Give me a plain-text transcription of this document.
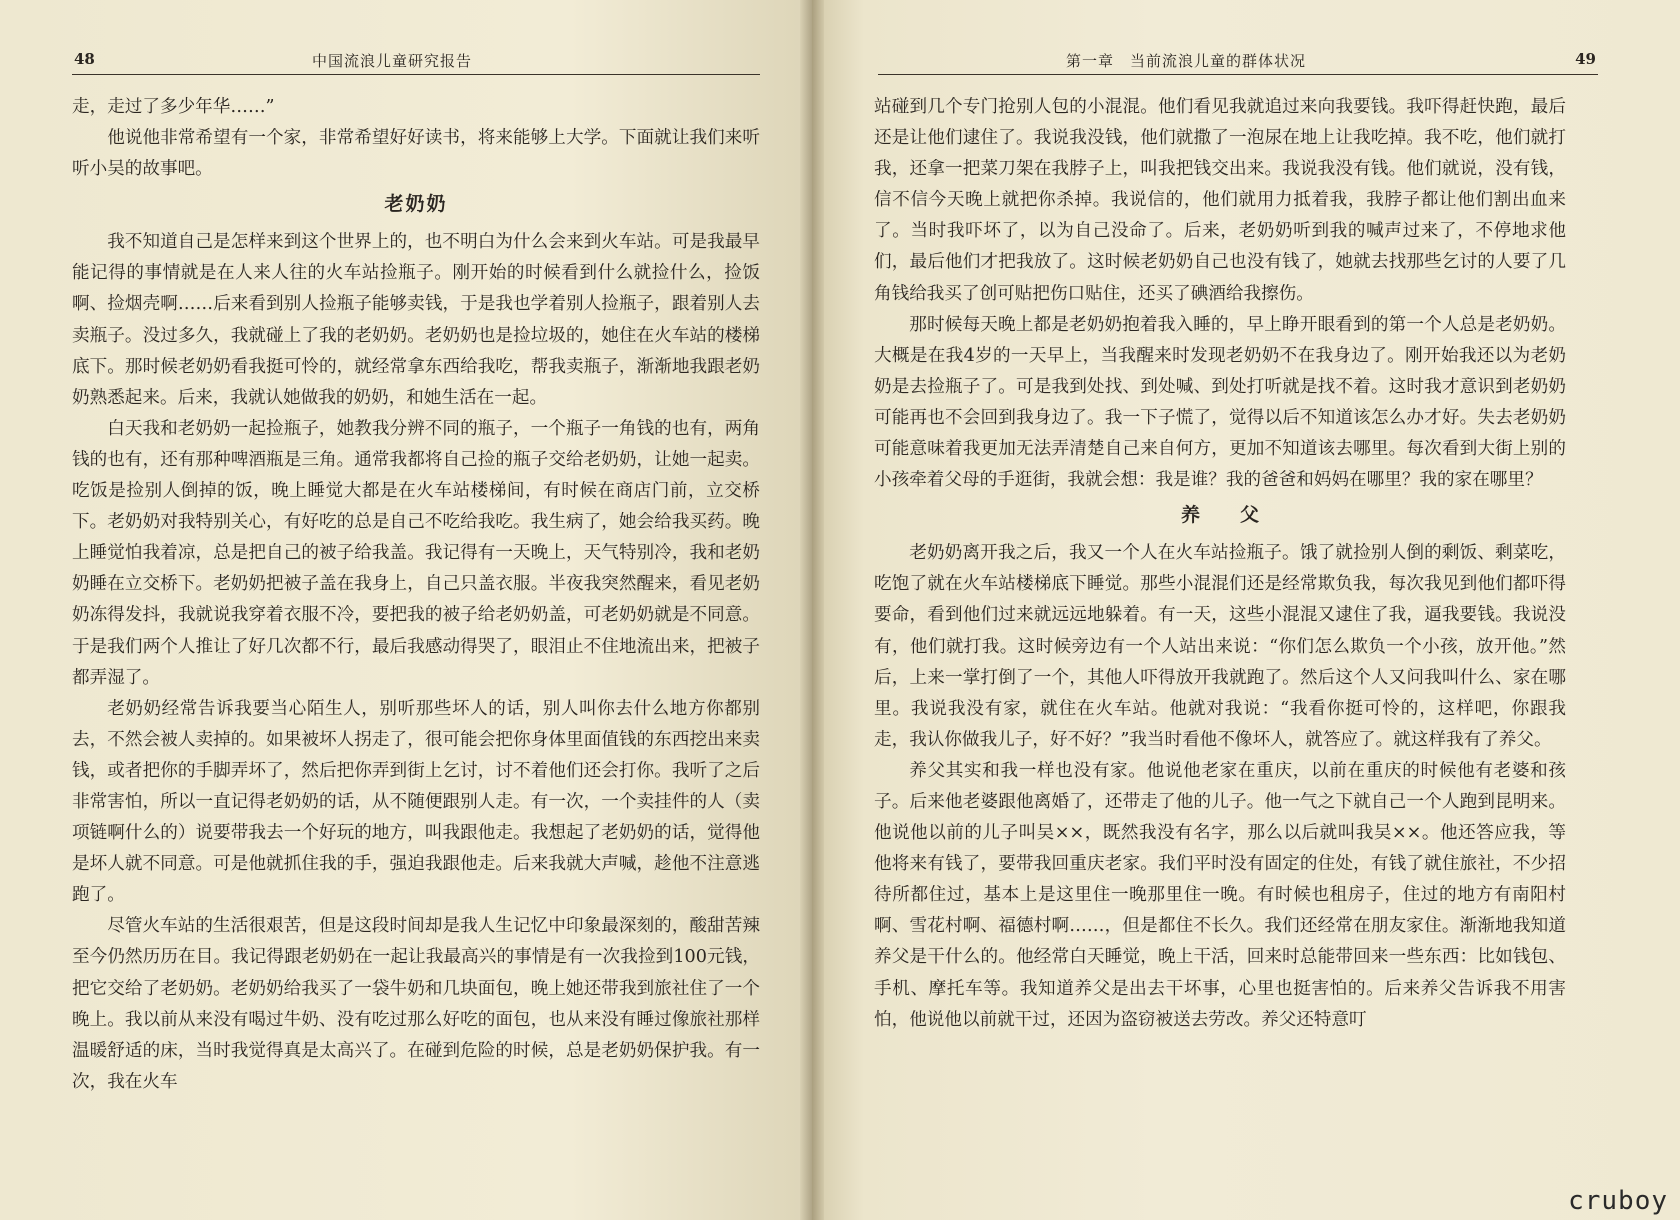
48	中国流浪儿童研究报告

走，走过了多少年华……”

他说他非常希望有一个家，非常希望好好读书，将来能够上大学。下面就让我们来听听小吴的故事吧。

老奶奶

我不知道自己是怎样来到这个世界上的，也不明白为什么会来到火车站。可是我最早能记得的事情就是在人来人往的火车站捡瓶子。刚开始的时候看到什么就捡什么，捡饭啊、捡烟壳啊……后来看到别人捡瓶子能够卖钱，于是我也学着别人捡瓶子，跟着别人去卖瓶子。没过多久，我就碰上了我的老奶奶。老奶奶也是捡垃圾的，她住在火车站的楼梯底下。那时候老奶奶看我挺可怜的，就经常拿东西给我吃，帮我卖瓶子，渐渐地我跟老奶奶熟悉起来。后来，我就认她做我的奶奶，和她生活在一起。

白天我和老奶奶一起捡瓶子，她教我分辨不同的瓶子，一个瓶子一角钱的也有，两角钱的也有，还有那种啤酒瓶是三角。通常我都将自己捡的瓶子交给老奶奶，让她一起卖。吃饭是捡别人倒掉的饭，晚上睡觉大都是在火车站楼梯间，有时候在商店门前，立交桥下。老奶奶对我特别关心，有好吃的总是自己不吃给我吃。我生病了，她会给我买药。晚上睡觉怕我着凉，总是把自己的被子给我盖。我记得有一天晚上，天气特别冷，我和老奶奶睡在立交桥下。老奶奶把被子盖在我身上，自己只盖衣服。半夜我突然醒来，看见老奶奶冻得发抖，我就说我穿着衣服不冷，要把我的被子给老奶奶盖，可老奶奶就是不同意。于是我们两个人推让了好几次都不行，最后我感动得哭了，眼泪止不住地流出来，把被子都弄湿了。

老奶奶经常告诉我要当心陌生人，别听那些坏人的话，别人叫你去什么地方你都别去，不然会被人卖掉的。如果被坏人拐走了，很可能会把你身体里面值钱的东西挖出来卖钱，或者把你的手脚弄坏了，然后把你弄到街上乞讨，讨不着他们还会打你。我听了之后非常害怕，所以一直记得老奶奶的话，从不随便跟别人走。有一次，一个卖挂件的人（卖项链啊什么的）说要带我去一个好玩的地方，叫我跟他走。我想起了老奶奶的话，觉得他是坏人就不同意。可是他就抓住我的手，强迫我跟他走。后来我就大声喊，趁他不注意逃跑了。

尽管火车站的生活很艰苦，但是这段时间却是我人生记忆中印象最深刻的，酸甜苦辣至今仍然历历在目。我记得跟老奶奶在一起让我最高兴的事情是有一次我捡到100元钱，把它交给了老奶奶。老奶奶给我买了一袋牛奶和几块面包，晚上她还带我到旅社住了一个晚上。我以前从来没有喝过牛奶、没有吃过那么好吃的面包，也从来没有睡过像旅社那样温暖舒适的床，当时我觉得真是太高兴了。在碰到危险的时候，总是老奶奶保护我。有一次，我在火车

第一章　当前流浪儿童的群体状况	49

站碰到几个专门抢别人包的小混混。他们看见我就追过来向我要钱。我吓得赶快跑，最后还是让他们逮住了。我说我没钱，他们就撒了一泡尿在地上让我吃掉。我不吃，他们就打我，还拿一把菜刀架在我脖子上，叫我把钱交出来。我说我没有钱。他们就说，没有钱，信不信今天晚上就把你杀掉。我说信的，他们就用力抵着我，我脖子都让他们割出血来了。当时我吓坏了，以为自己没命了。后来，老奶奶听到我的喊声过来了，不停地求他们，最后他们才把我放了。这时候老奶奶自己也没有钱了，她就去找那些乞讨的人要了几角钱给我买了创可贴把伤口贴住，还买了碘酒给我擦伤。

那时候每天晚上都是老奶奶抱着我入睡的，早上睁开眼看到的第一个人总是老奶奶。大概是在我4岁的一天早上，当我醒来时发现老奶奶不在我身边了。刚开始我还以为老奶奶是去捡瓶子了。可是我到处找、到处喊、到处打听就是找不着。这时我才意识到老奶奶可能再也不会回到我身边了。我一下子慌了，觉得以后不知道该怎么办才好。失去老奶奶可能意味着我更加无法弄清楚自己来自何方，更加不知道该去哪里。每次看到大街上别的小孩牵着父母的手逛街，我就会想：我是谁？我的爸爸和妈妈在哪里？我的家在哪里？

养父

老奶奶离开我之后，我又一个人在火车站捡瓶子。饿了就捡别人倒的剩饭、剩菜吃，吃饱了就在火车站楼梯底下睡觉。那些小混混们还是经常欺负我，每次我见到他们都吓得要命，看到他们过来就远远地躲着。有一天，这些小混混又逮住了我，逼我要钱。我说没有，他们就打我。这时候旁边有一个人站出来说：“你们怎么欺负一个小孩，放开他。”然后，上来一掌打倒了一个，其他人吓得放开我就跑了。然后这个人又问我叫什么、家在哪里。我说我没有家，就住在火车站。他就对我说：“我看你挺可怜的，这样吧，你跟我走，我认你做我儿子，好不好？”我当时看他不像坏人，就答应了。就这样我有了养父。

养父其实和我一样也没有家。他说他老家在重庆，以前在重庆的时候他有老婆和孩子。后来他老婆跟他离婚了，还带走了他的儿子。他一气之下就自己一个人跑到昆明来。他说他以前的儿子叫吴××，既然我没有名字，那么以后就叫我吴××。他还答应我，等他将来有钱了，要带我回重庆老家。我们平时没有固定的住处，有钱了就住旅社，不少招待所都住过，基本上是这里住一晚那里住一晚。有时候也租房子，住过的地方有南阳村啊、雪花村啊、福德村啊……，但是都住不长久。我们还经常在朋友家住。渐渐地我知道养父是干什么的。他经常白天睡觉，晚上干活，回来时总能带回来一些东西：比如钱包、手机、摩托车等。我知道养父是出去干坏事，心里也挺害怕的。后来养父告诉我不用害怕，他说他以前就干过，还因为盗窃被送去劳改。养父还特意叮

cruboy
